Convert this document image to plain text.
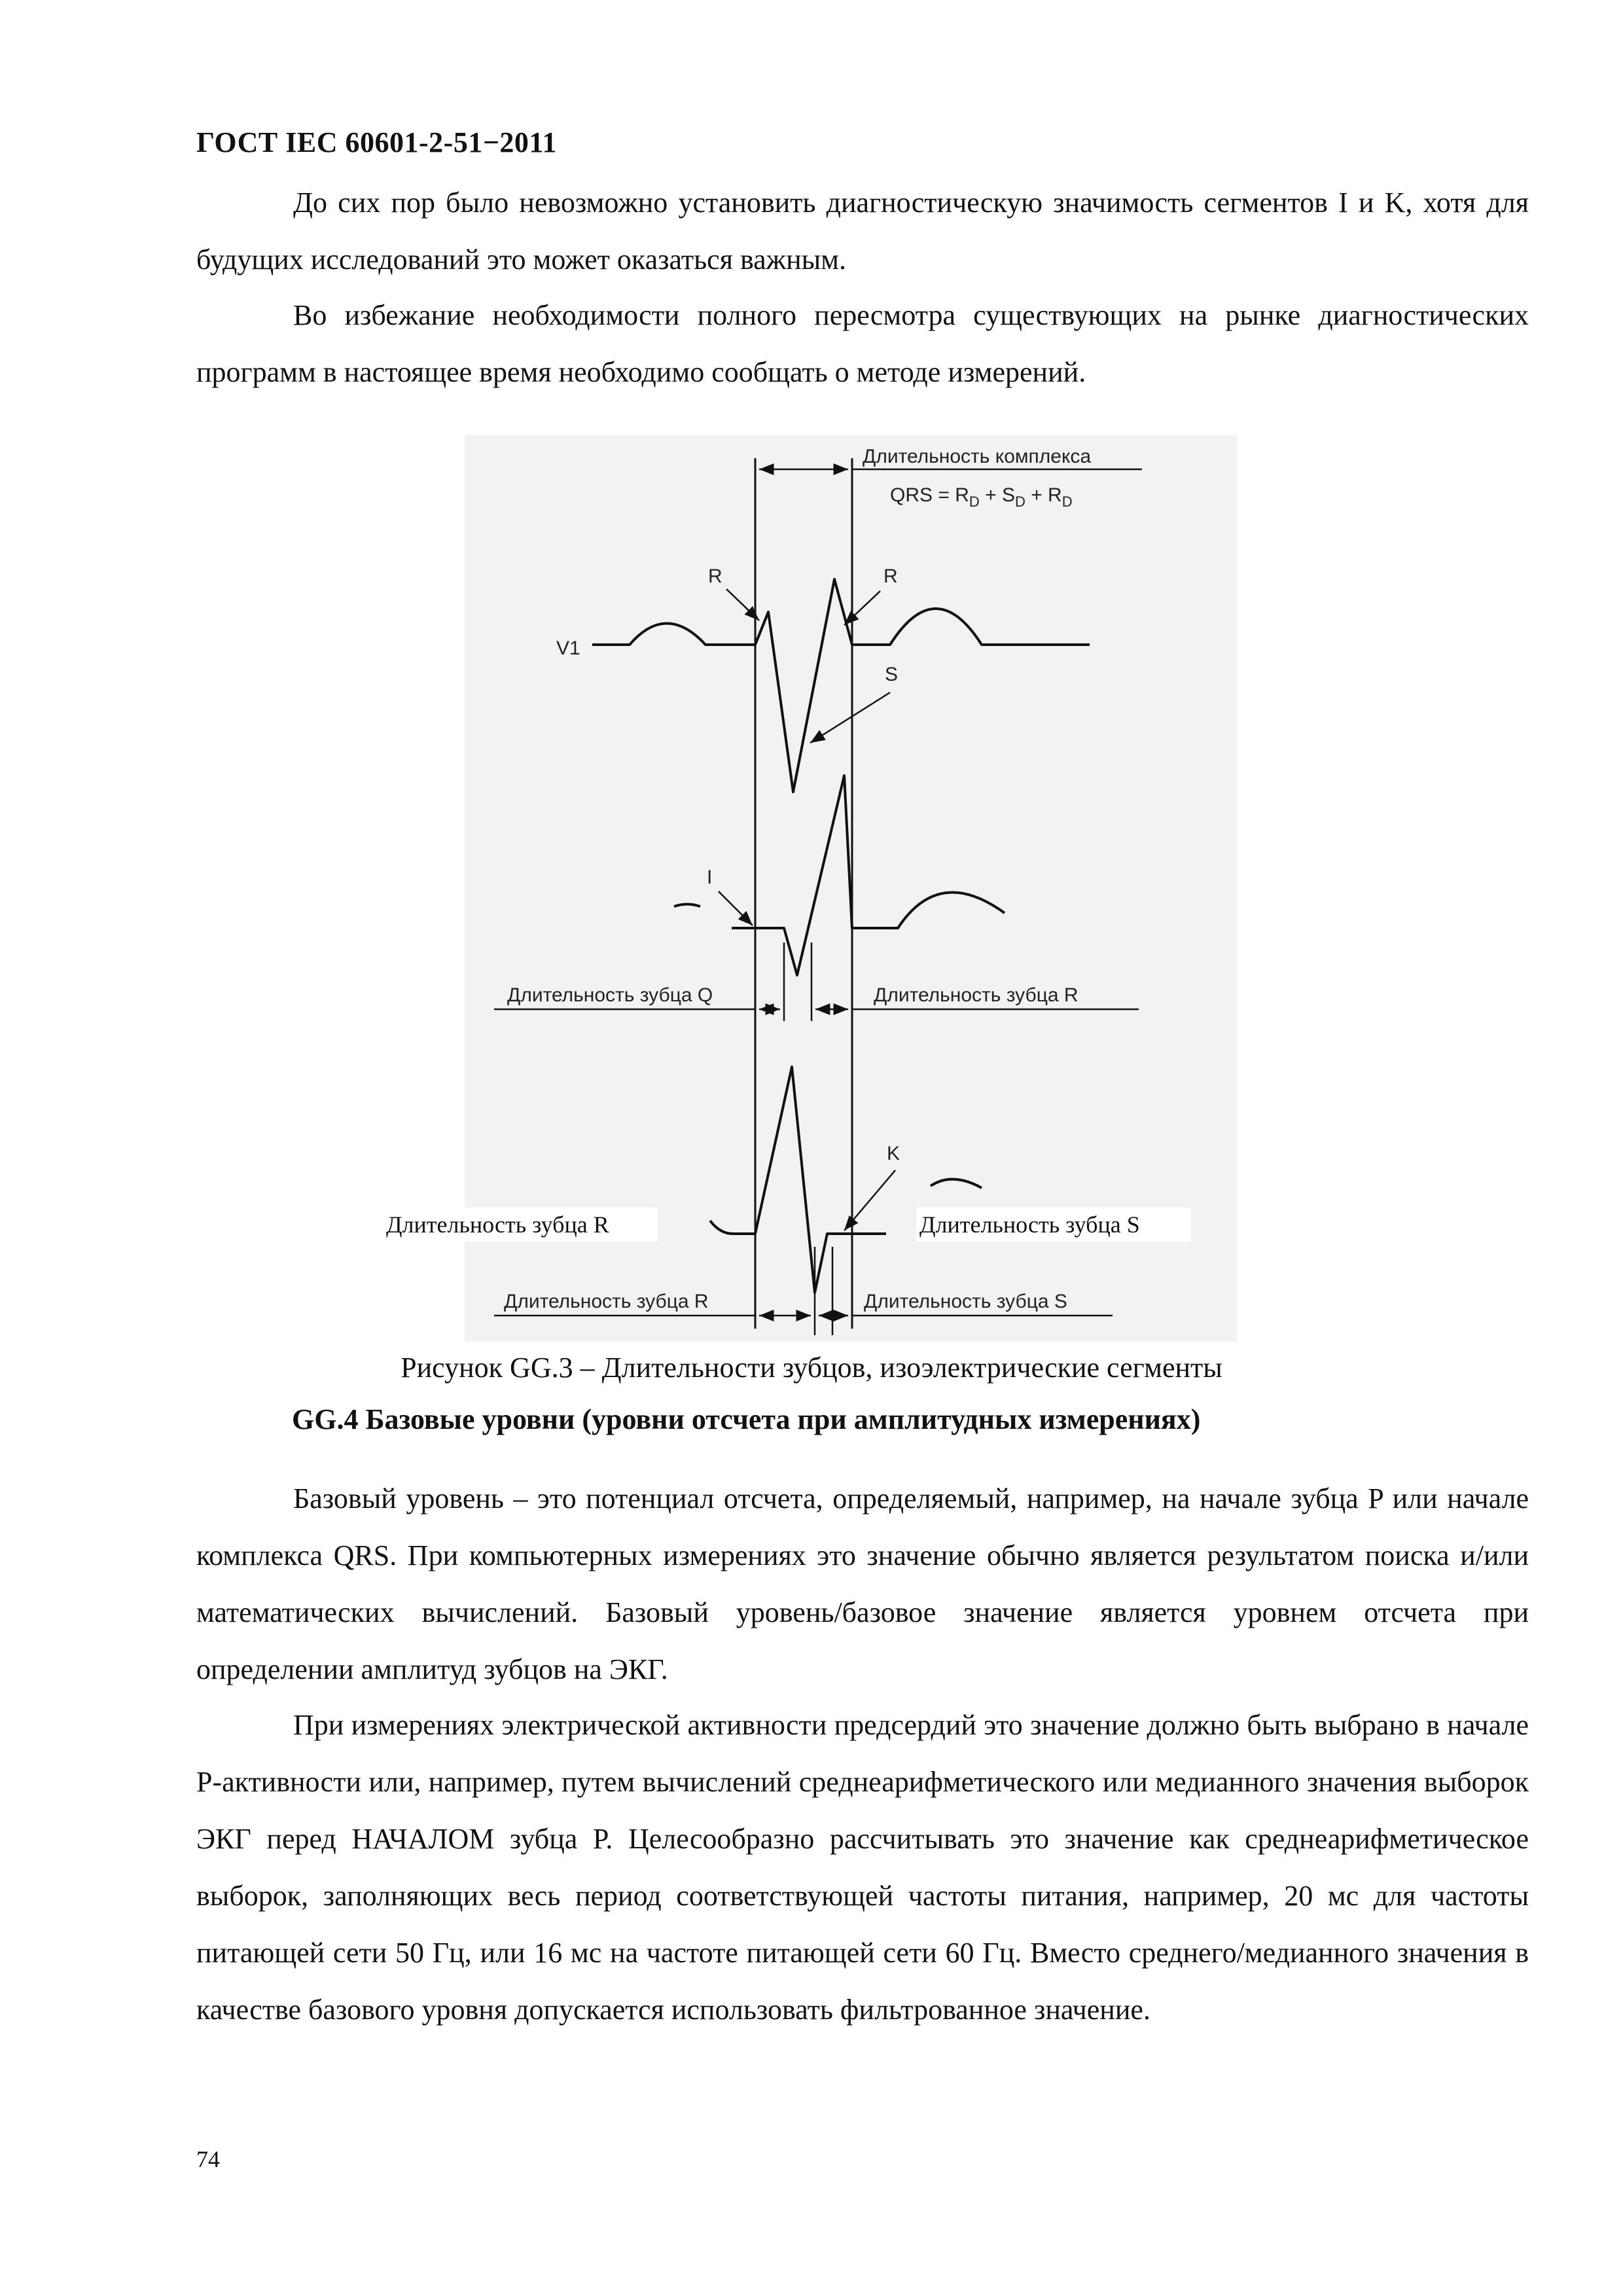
ГОСТ IEC 60601-2-51−2011
До сих пор было невозможно установить диагностическую значимость сегментов I и K, хотя для будущих исследований это может оказаться важным.
Во избежание необходимости полного пересмотра существующих на рынке диагностических программ в настоящее время необходимо сообщать о методе измерений.
Длительность комплекса
QRS = $R_D + S_D + R_D$
V1
R	R
S
I
Длительность зубца Q	Длительность зубца R
K
Длительность зубца R	Длительность зубца S
Длительность зубца R	Длительность зубца S
Рисунок GG.3 – Длительности зубцов, изоэлектрические сегменты
GG.4 Базовые уровни (уровни отсчета при амплитудных измерениях)
Базовый уровень – это потенциал отсчета, определяемый, например, на начале зубца P или начале комплекса QRS. При компьютерных измерениях это значение обычно является результатом поиска и/или математических вычислений. Базовый уровень/базовое значение является уровнем отсчета при определении амплитуд зубцов на ЭКГ.
При измерениях электрической активности предсердий это значение должно быть выбрано в начале P-активности или, например, путем вычислений среднеарифметического или медианного значения выборок ЭКГ перед НАЧАЛОМ зубца P. Целесообразно рассчитывать это значение как среднеарифметическое выборок, заполняющих весь период соответствующей частоты питания, например, 20 мс для частоты питающей сети 50 Гц, или 16 мс на частоте питающей сети 60 Гц. Вместо среднего/медианного значения в качестве базового уровня допускается использовать фильтрованное значение.
74
